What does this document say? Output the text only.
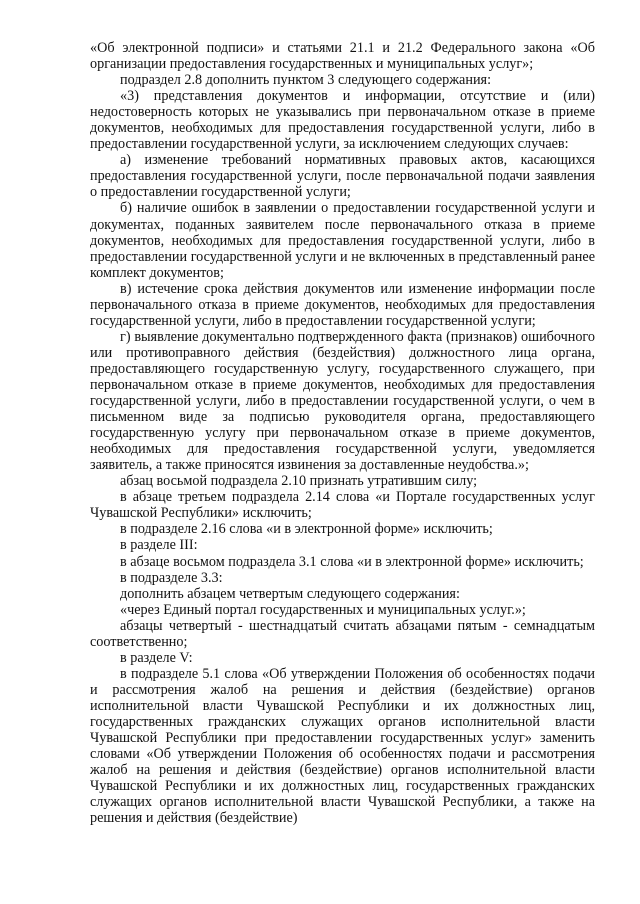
«Об электронной подписи» и статьями 21.1 и 21.2 Федерального закона «Об организации предоставления государственных и муниципальных услуг»;

подраздел 2.8 дополнить пунктом 3 следующего содержания:

«3) представления документов и информации, отсутствие и (или) недостоверность которых не указывались при первоначальном отказе в приеме документов, необходимых для предоставления государственной услуги, либо в предоставлении государственной услуги, за исключением следующих случаев:

а) изменение требований нормативных правовых актов, касающихся предоставления государственной услуги, после первоначальной подачи заявления о предоставлении государственной услуги;

б) наличие ошибок в заявлении о предоставлении государственной услуги и документах, поданных заявителем после первоначального отказа в приеме документов, необходимых для предоставления государственной услуги, либо в предоставлении государственной услуги и не включенных в представленный ранее комплект документов;

в) истечение срока действия документов или изменение информации после первоначального отказа в приеме документов, необходимых для предоставления государственной услуги, либо в предоставлении государственной услуги;

г) выявление документально подтвержденного факта (признаков) ошибочного или противоправного действия (бездействия) должностного лица органа, предоставляющего государственную услугу, государственного служащего, при первоначальном отказе в приеме документов, необходимых для предоставления государственной услуги, либо в предоставлении государственной услуги, о чем в письменном виде за подписью руководителя органа, предоставляющего государственную услугу при первоначальном отказе в приеме документов, необходимых для предоставления государственной услуги, уведомляется заявитель, а также приносятся извинения за доставленные неудобства.»;

абзац восьмой подраздела 2.10 признать утратившим силу;

в абзаце третьем подраздела 2.14 слова «и Портале государственных услуг Чувашской Республики» исключить;

в подразделе 2.16 слова «и в электронной форме» исключить;

в разделе III:

в абзаце восьмом подраздела 3.1 слова «и в электронной форме» исключить;

в подразделе 3.3:

дополнить абзацем четвертым следующего содержания:

«через Единый портал государственных и муниципальных услуг.»;

абзацы четвертый - шестнадцатый считать абзацами пятым - семнадцатым соответственно;

в разделе V:

в подразделе 5.1 слова «Об утверждении Положения об особенностях подачи и рассмотрения жалоб на решения и действия (бездействие) органов исполнительной власти Чувашской Республики и их должностных лиц, государственных гражданских служащих органов исполнительной власти Чувашской Республики при предоставлении государственных услуг» заменить словами «Об утверждении Положения об особенностях подачи и рассмотрения жалоб на решения и действия (бездействие) органов исполнительной власти Чувашской Республики и их должностных лиц, государственных гражданских служащих органов исполнительной власти Чувашской Республики, а также на решения и действия (бездействие)
